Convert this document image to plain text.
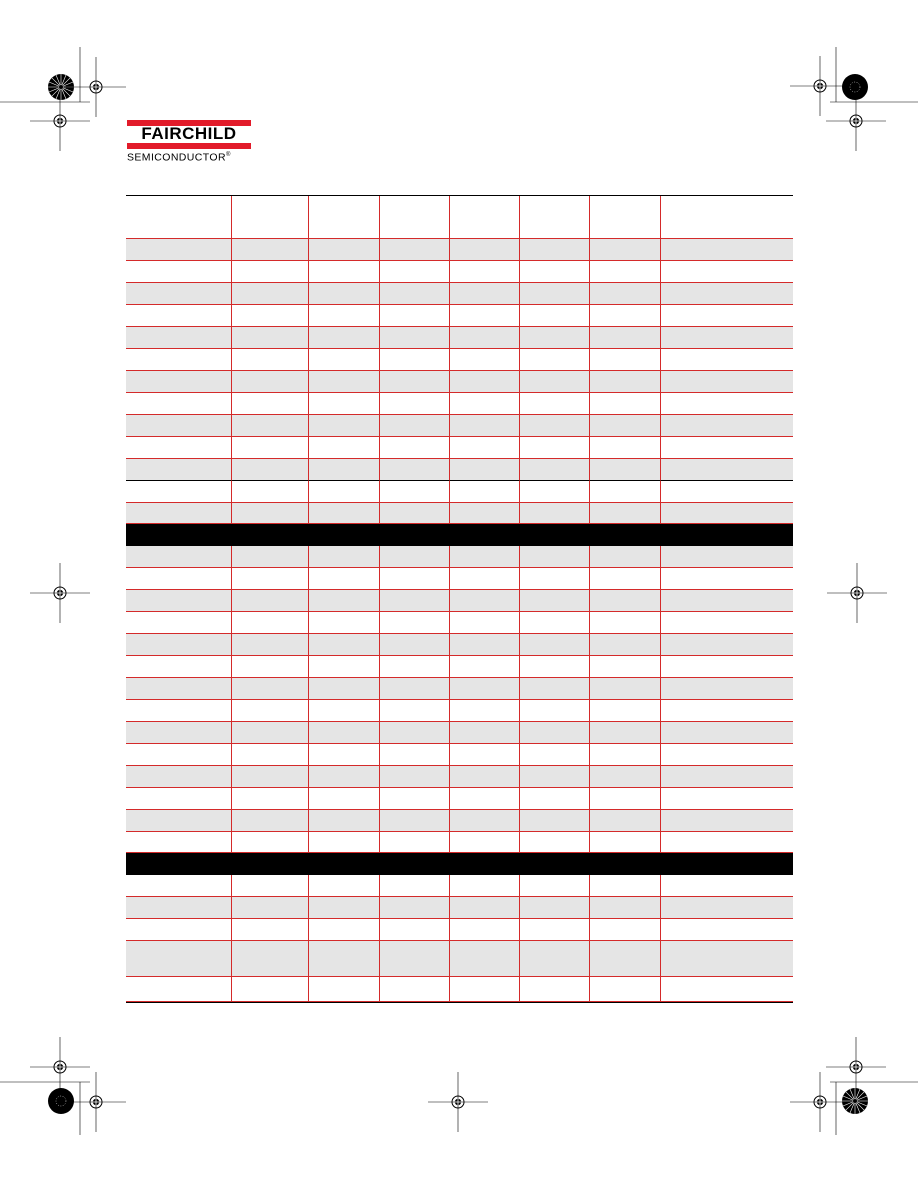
FAIRCHILD
SEMICONDUCTOR®
